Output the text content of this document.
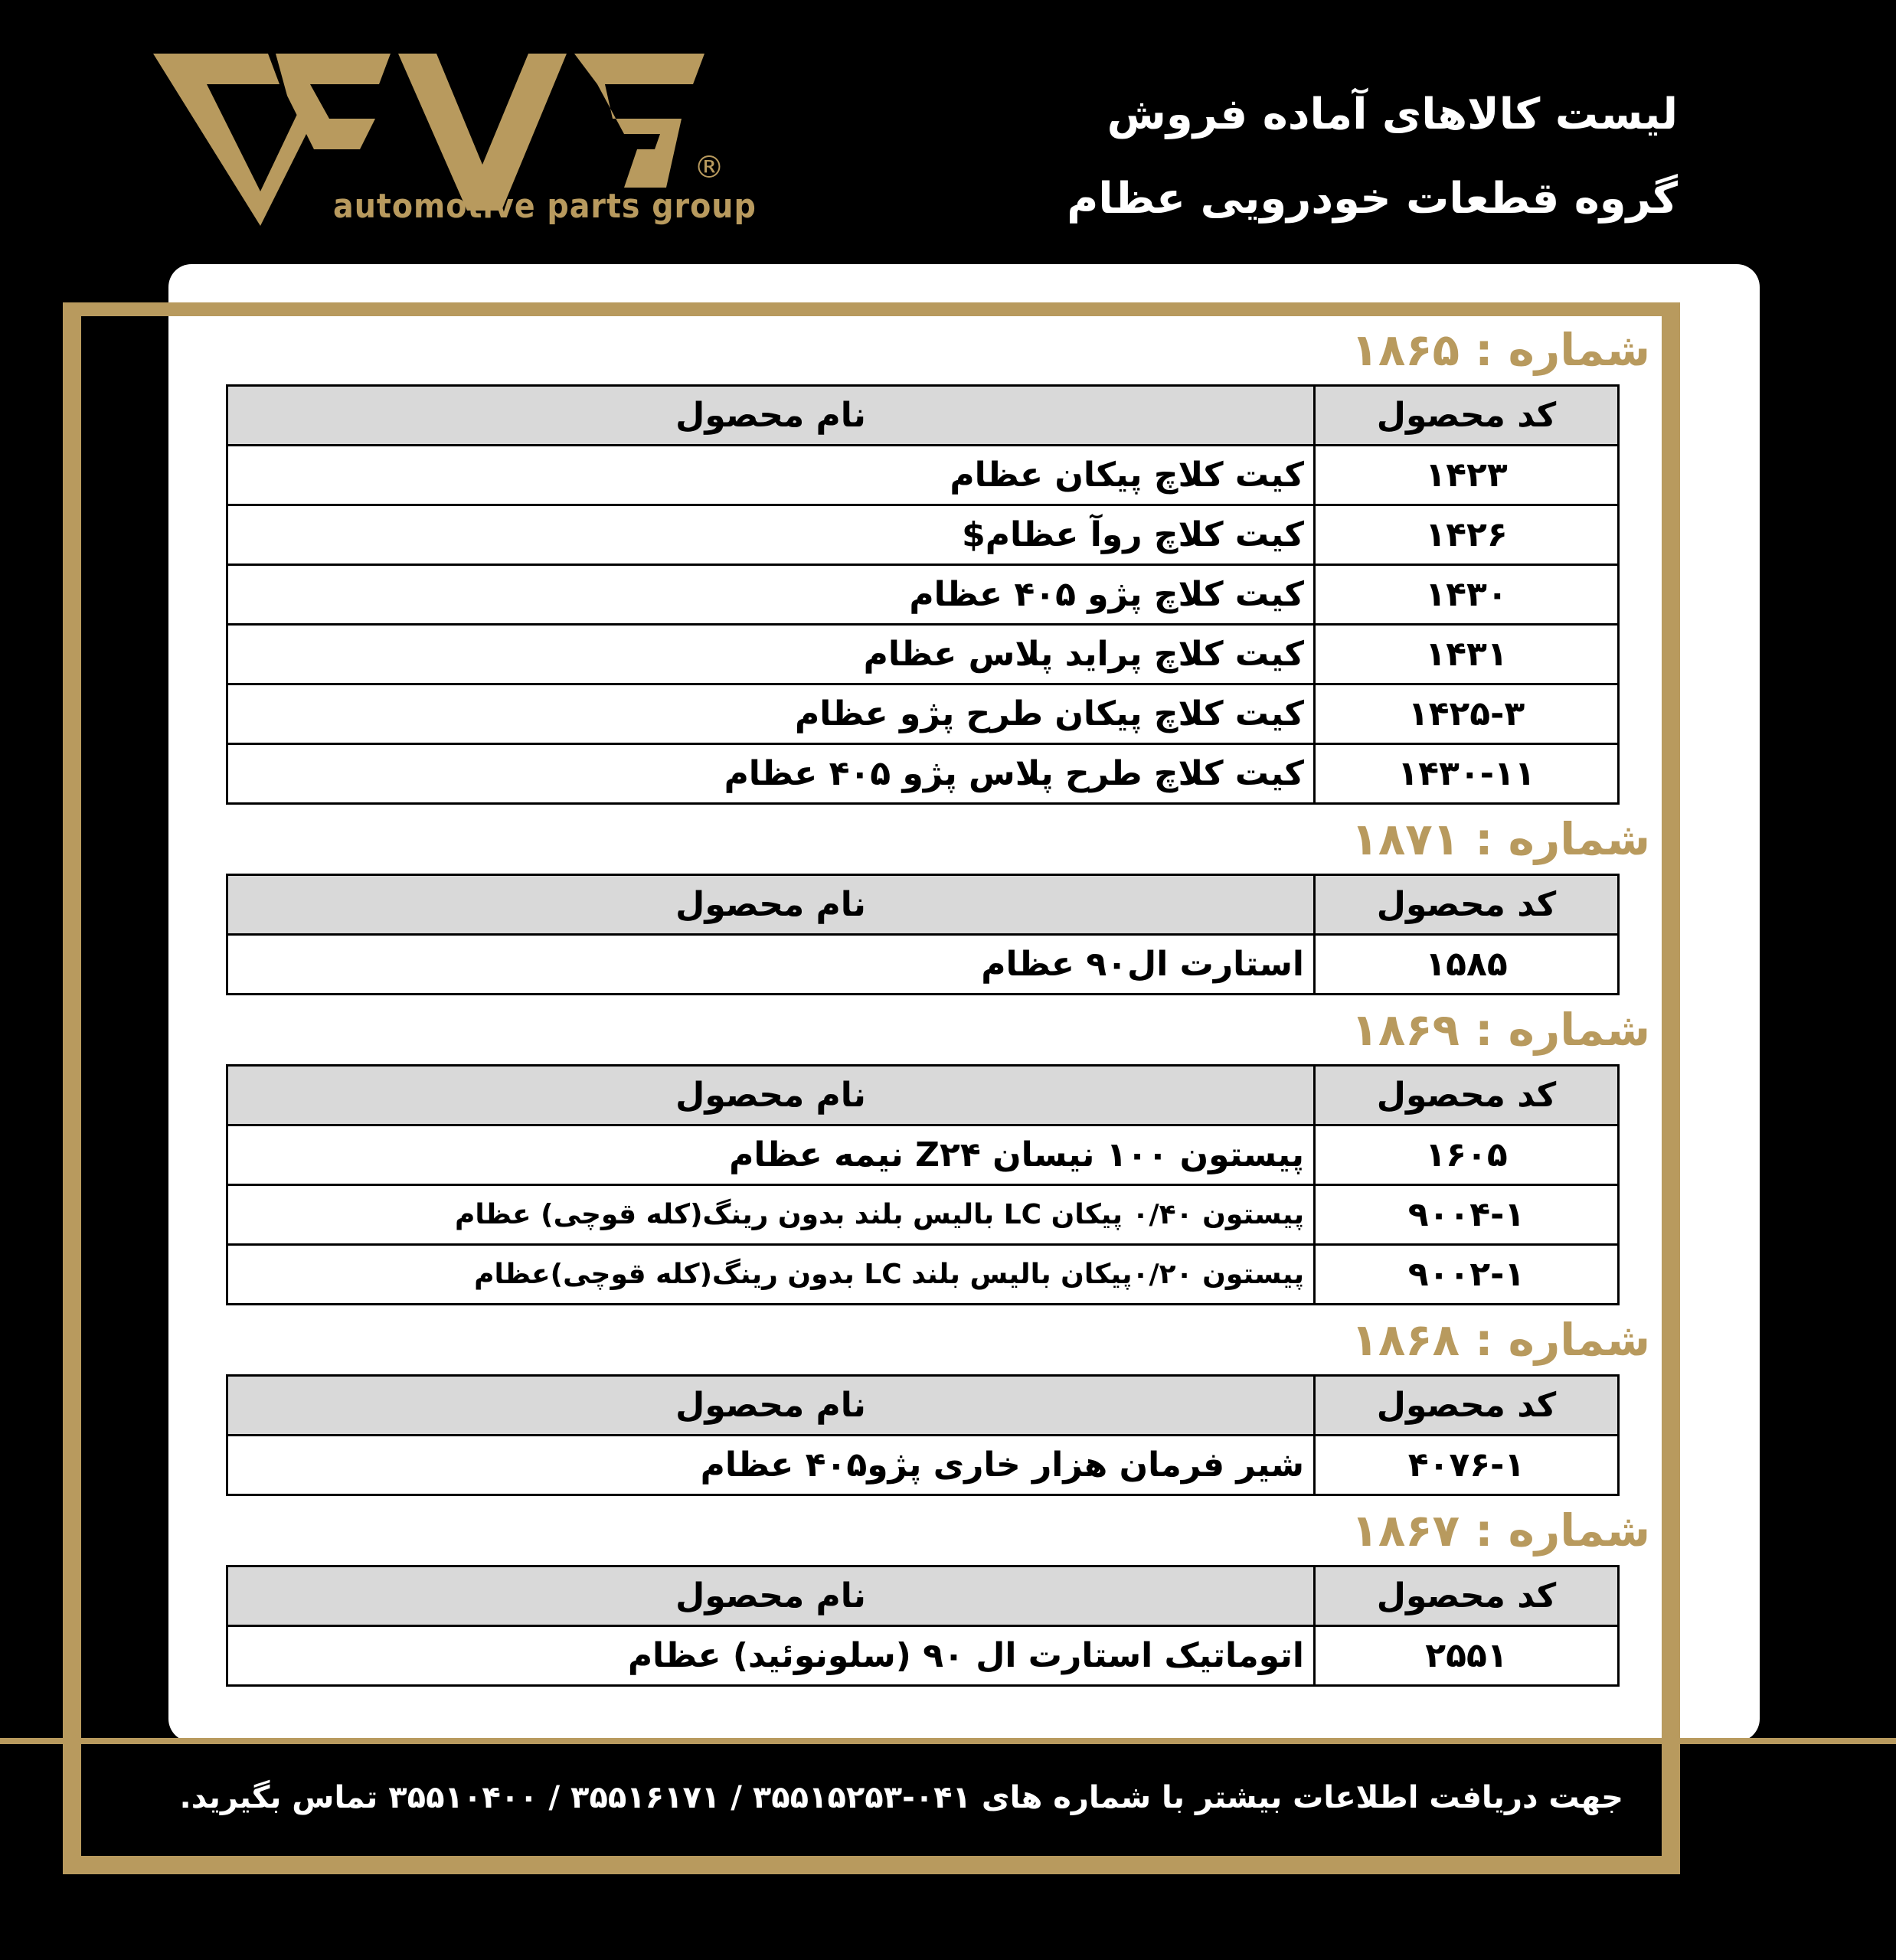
®
automotive parts group
لیست کالاهای آماده فروش
گروه قطعات خودرویی عظام
شماره : ۱۸۶۵
کد محصول	نام محصول
۱۴۲۳	کیت کلاچ پیکان عظام
۱۴۲۶	کیت کلاچ روآ عظام$
۱۴۳۰	کیت کلاچ پژو ۴۰۵ عظام
۱۴۳۱	کیت کلاچ پراید پلاس عظام
۱۴۲۵-۳	کیت کلاچ پیکان طرح پژو عظام
۱۴۳۰-۱۱	کیت کلاچ طرح پلاس پژو ۴۰۵ عظام
شماره : ۱۸۷۱
کد محصول	نام محصول
۱۵۸۵	استارت ال۹۰ عظام
شماره : ۱۸۶۹
کد محصول	نام محصول
۱۶۰۵	پیستون ۱۰۰ نیسان Z۲۴ نیمه عظام
۹۰۰۴-۱	پیستون ۰/۴۰ پیکان LC بالیس بلند بدون رینگ(کله قوچی) عظام
۹۰۰۲-۱	پیستون ۰/۲۰پیکان بالیس بلند LC بدون رینگ(کله قوچی)عظام
شماره : ۱۸۶۸
کد محصول	نام محصول
۴۰۷۶-۱	شیر فرمان هزار خاری پژو۴۰۵ عظام
شماره : ۱۸۶۷
کد محصول	نام محصول
۲۵۵۱	اتوماتیک استارت ال ۹۰ (سلونوئید) عظام
جهت دریافت اطلاعات بیشتر با شماره های ۰۴۱-۳۵۵۱۵۲۵۳ / ۳۵۵۱۶۱۷۱ / ۳۵۵۱۰۴۰۰ تماس بگیرید.
